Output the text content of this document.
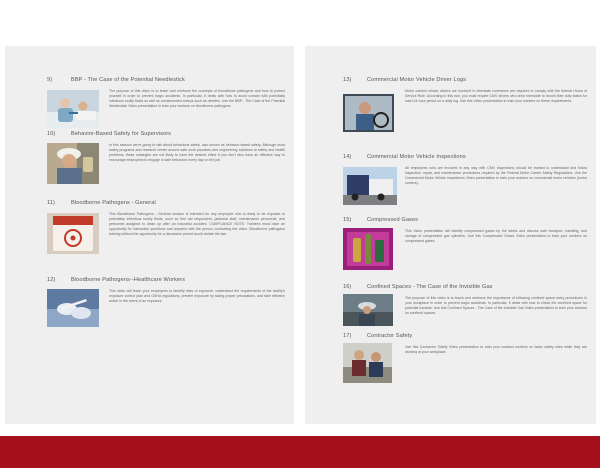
9)	BBP - The Case of the Potential Needlestick
The purpose of this video is to teach and reinforce the concepts of bloodborne pathogens and how to protect yourself in order to prevent tragic accidents. In particular, it deals with how to avoid contact with potentially infectious bodily fluids as well as contaminated sharps such as needles. Use the BBP - The Case of the Potential Needlestick Video presentation to train your workers on bloodborne pathogens.
10)	Behavior-Based Safety for Supervisors
In this session we're going to talk about behavioral safety, also known as behavior-based safety. Although most safety programs and research center around safe work practices and engineering solutions to safety and health problems, these strategies are not likely to have the desired effect if you don't also have an effective way to encourage employees to engage in safe behaviors every day on the job.
11)	Bloodborne Pathogens - General
This Bloodborne Pathogens - General session is intended for any employee who is likely to be exposed to potentially infectious bodily fluids, such as first aid responders, janitorial staff, maintenance personnel, and personnel assigned to clean up after an industrial accident. COMPLIANCE NOTE: Trainees must have an opportunity for interactive questions and answers with the person conducting the video. Bloodborne pathogens training without the opportunity for a discussion period would violate the law.
12)	Bloodborne Pathogens--Healthcare Workers
This video will teach your employees to identify risks of exposure, understand the requirements of the facility's exposure control plan and OSHA regulations, prevent exposure by taking proper precautions, and take effective action in the event of an exposure.
13)	Commercial Motor Vehicle Driver Logs
Motor carriers whose drivers are involved in interstate commerce are required to comply with the federal Hours of Service Rule. According to this rule, you must require CMV drivers who drive interstate to record their duty status for each 24-hour period on a daily log. Use this Video presentation to train your workers on these requirements.
14)	Commercial Motor Vehicle Inspections
All employees who are involved in any way with CMV inspections should be trained to understand and follow inspection, repair, and maintenance procedures required by the Federal Motor Carrier Safety Regulations. Use the Commercial Motor Vehicle Inspections Video presentation to train your workers on commercial motor vehicles (motor carriers).
15)	Compressed Gases
This Video presentation will identify compressed gases by the labels and discuss safe transport, handling, and storage of compressed gas cylinders. Use this Compressed Gases Video presentation to train your workers on compressed gases.
16)	Confined Spaces - The Case of the Invisible Gas
The purpose of this video is to teach and reinforce the importance of following confined space entry procedures in your workplace in order to prevent tragic accidents. In particular, it deals with how to check the confined space for potential hazards. Use this Confined Spaces - The Case of the Invisible Gas Video presentation to train your workers on confined spaces.
17)	Contractor Safety
Use this Contractor Safety Video presentation to train your contract workers on basic safety rules while they are working at your workplace.
